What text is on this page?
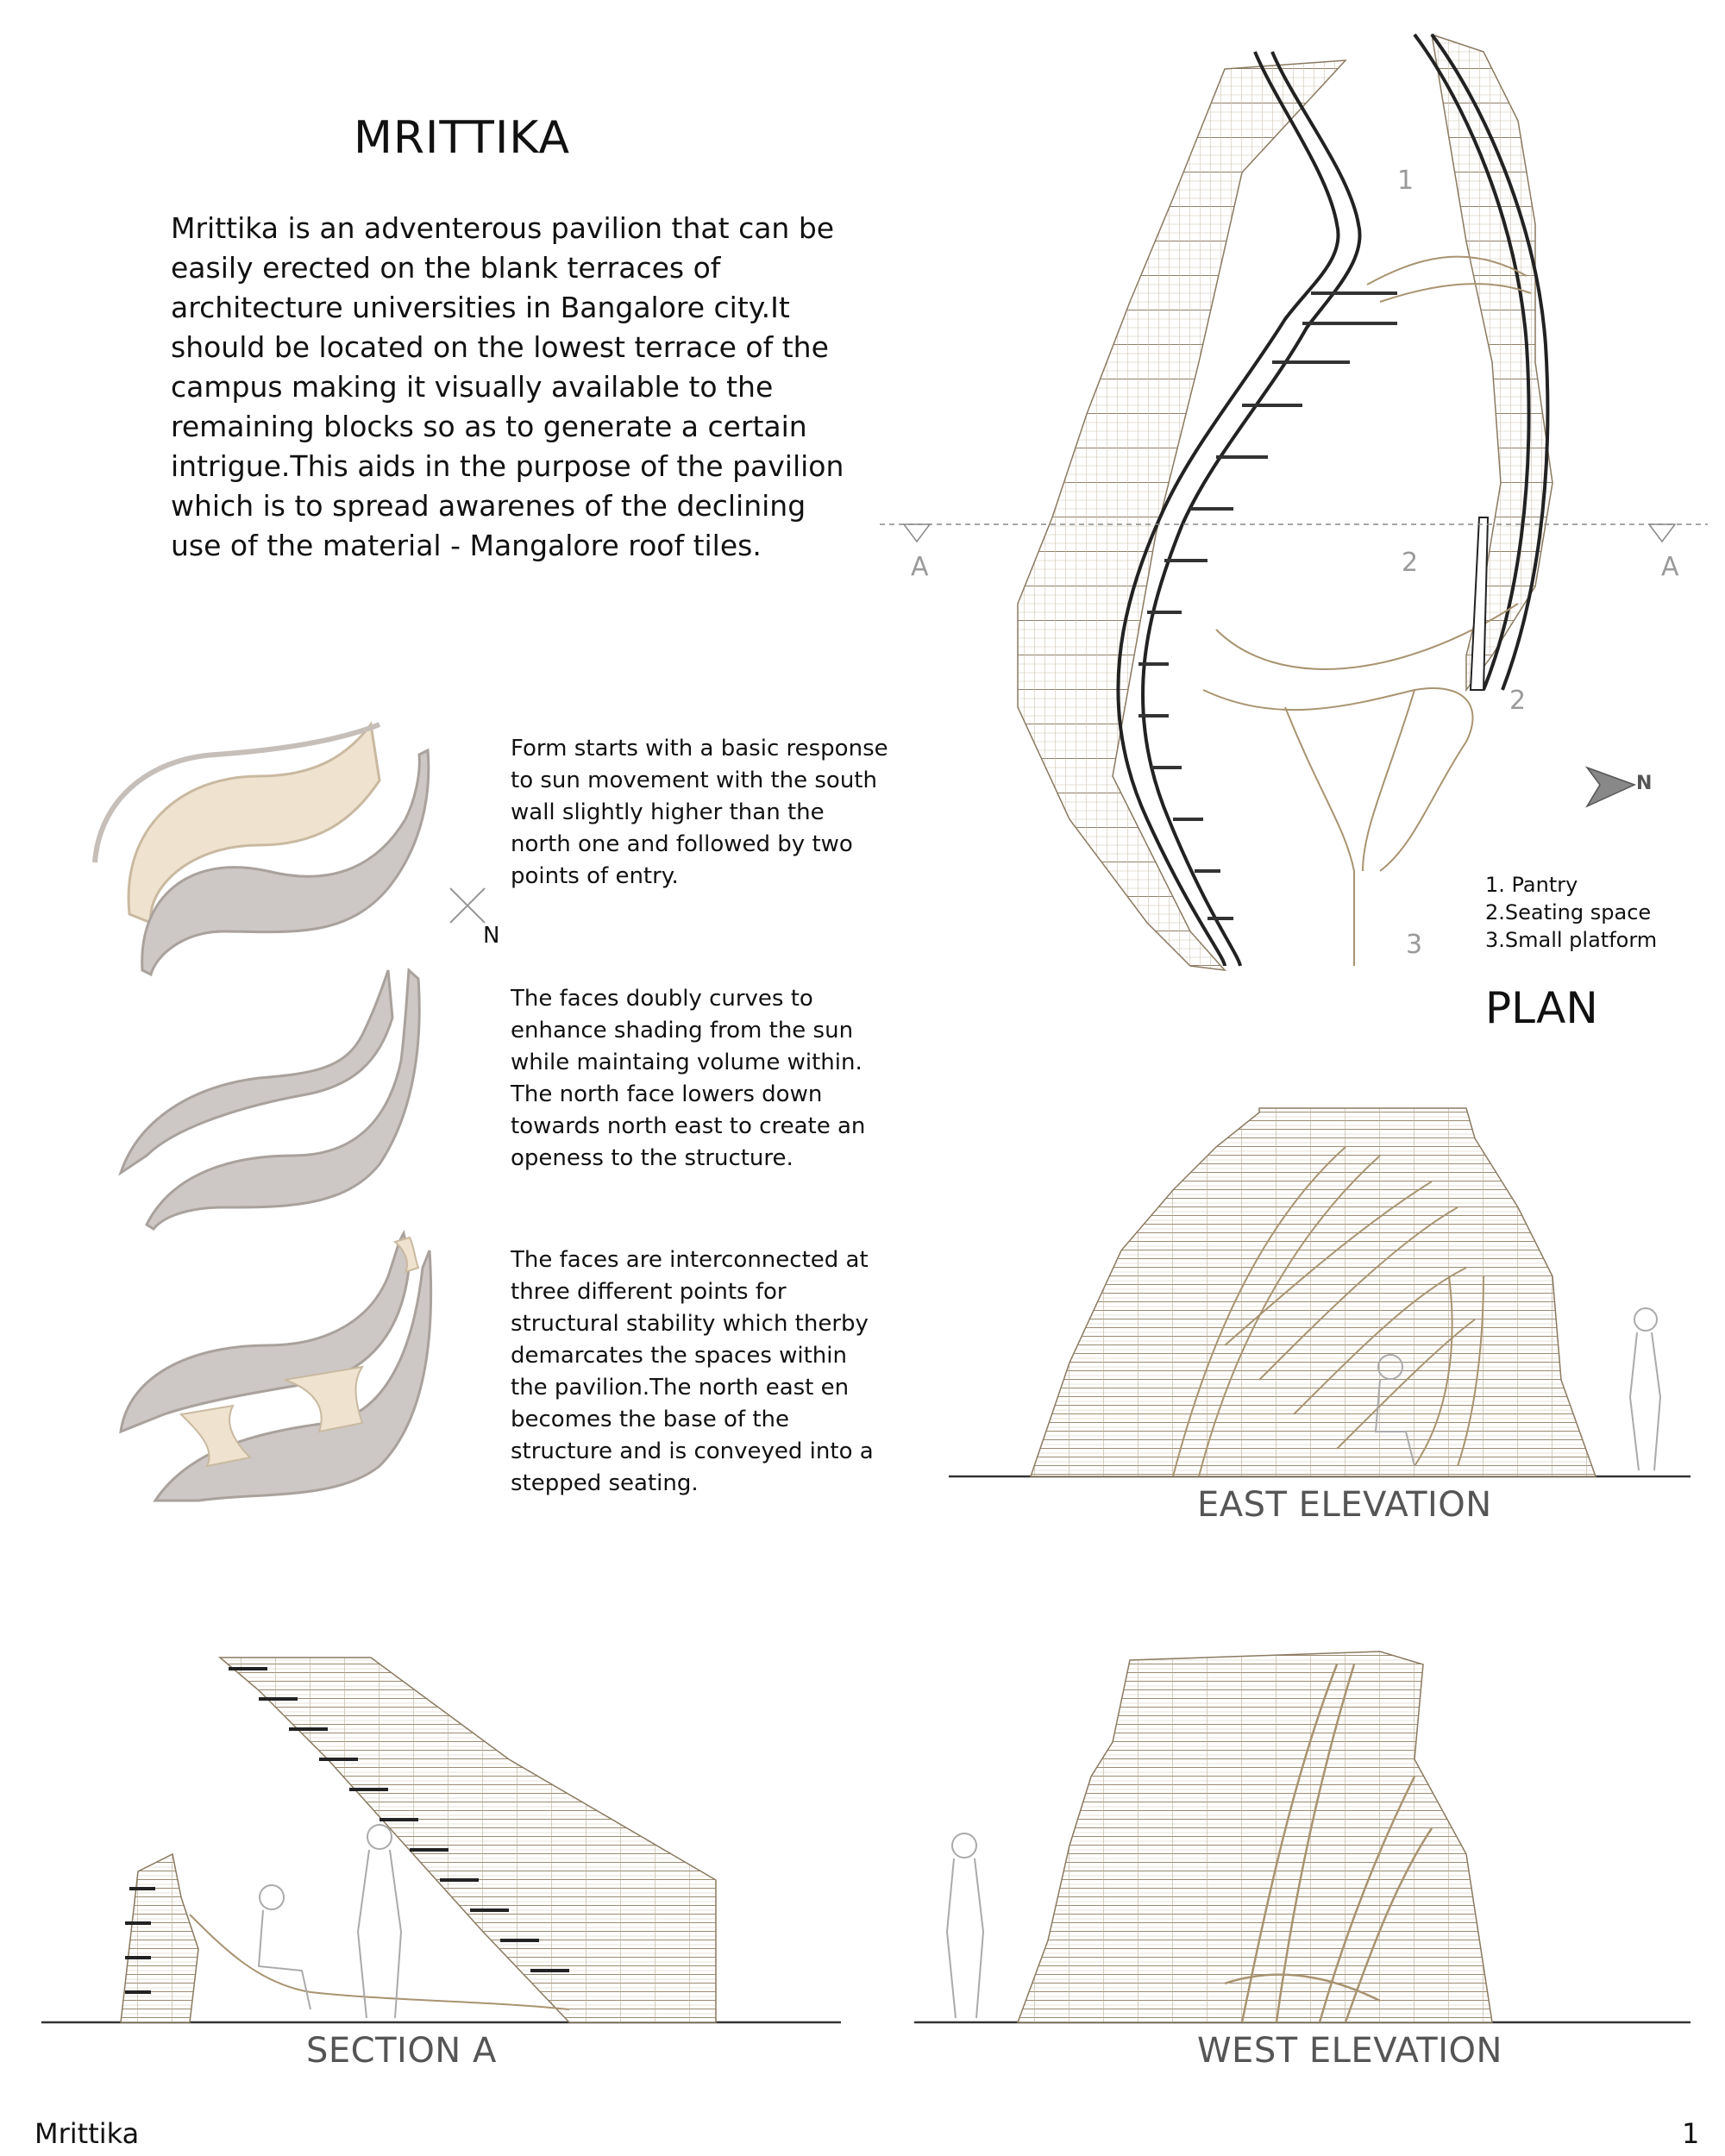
MRITTIKA
Mrittika is an adventerous pavilion that can be easily erected on the blank terraces of architecture universities in Bangalore city.It should be located on the lowest terrace of the campus making it visually available to the remaining blocks so as to generate a certain intrigue.This aids in the purpose of the pavilion which is to spread awarenes of the declining use of the material - Mangalore roof tiles.
Form starts with a basic response to sun movement with the south wall slightly higher than the north one and followed by two points of entry.
The faces doubly curves to enhance shading from the sun while maintaing volume within. The north face lowers down towards north east to create an openess to the structure.
The faces are interconnected at three different points for structural stability which therby demarcates the spaces within the pavilion.The north east en becomes the base of the structure and is conveyed into a stepped seating.
N
A	A
1
2
2
3
N
1. Pantry
2.Seating space
3.Small platform
PLAN
EAST ELEVATION
SECTION A	WEST ELEVATION
Mrittika	1
